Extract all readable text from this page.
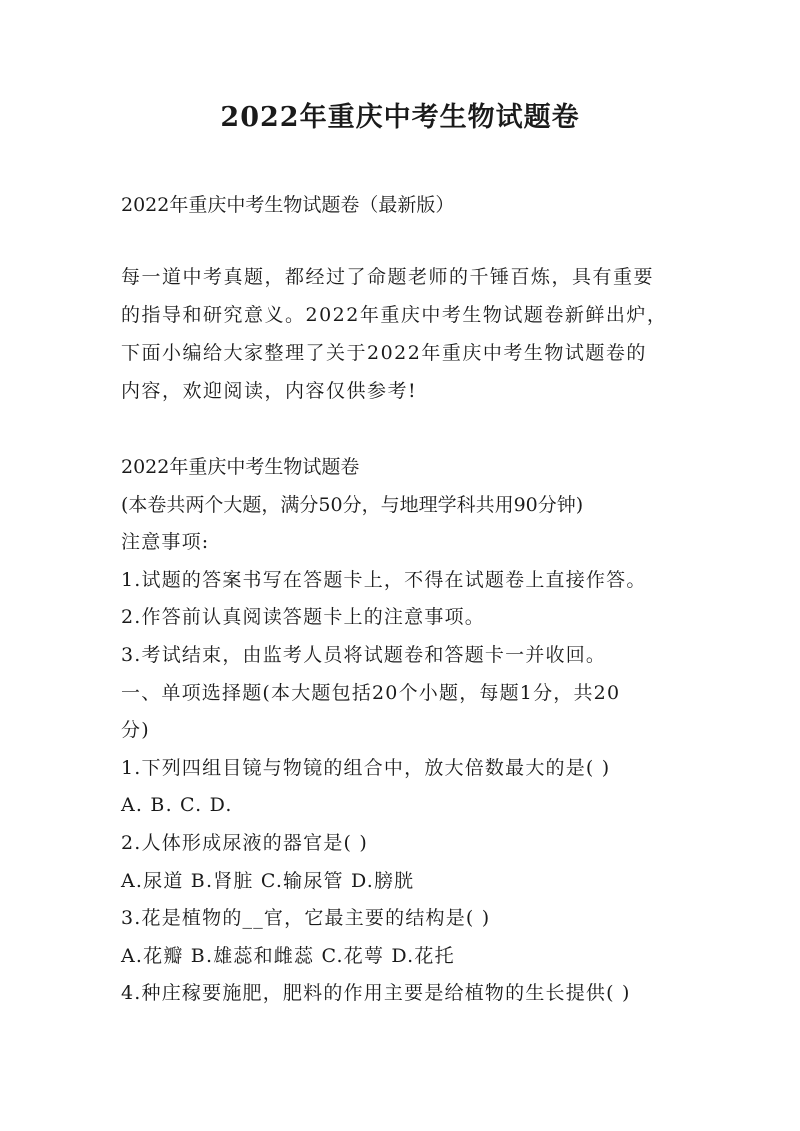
2022年重庆中考生物试题卷
2022年重庆中考生物试题卷（最新版）
每一道中考真题，都经过了命题老师的千锤百炼，具有重要
的指导和研究意义。2022年重庆中考生物试题卷新鲜出炉，
下面小编给大家整理了关于2022年重庆中考生物试题卷的
内容，欢迎阅读，内容仅供参考!
2022年重庆中考生物试题卷
(本卷共两个大题，满分50分，与地理学科共用90分钟)
注意事项:
1.试题的答案书写在答题卡上，不得在试题卷上直接作答。
2.作答前认真阅读答题卡上的注意事项。
3.考试结束，由监考人员将试题卷和答题卡一并收回。
一、单项选择题(本大题包括20个小题，每题1分，共20
分)
1.下列四组目镜与物镜的组合中，放大倍数最大的是( )
A. B. C. D.
2.人体形成尿液的器官是( )
A.尿道 B.肾脏 C.输尿管 D.膀胱
3.花是植物的__官，它最主要的结构是( )
A.花瓣 B.雄蕊和雌蕊 C.花萼 D.花托
4.种庄稼要施肥，肥料的作用主要是给植物的生长提供( )
